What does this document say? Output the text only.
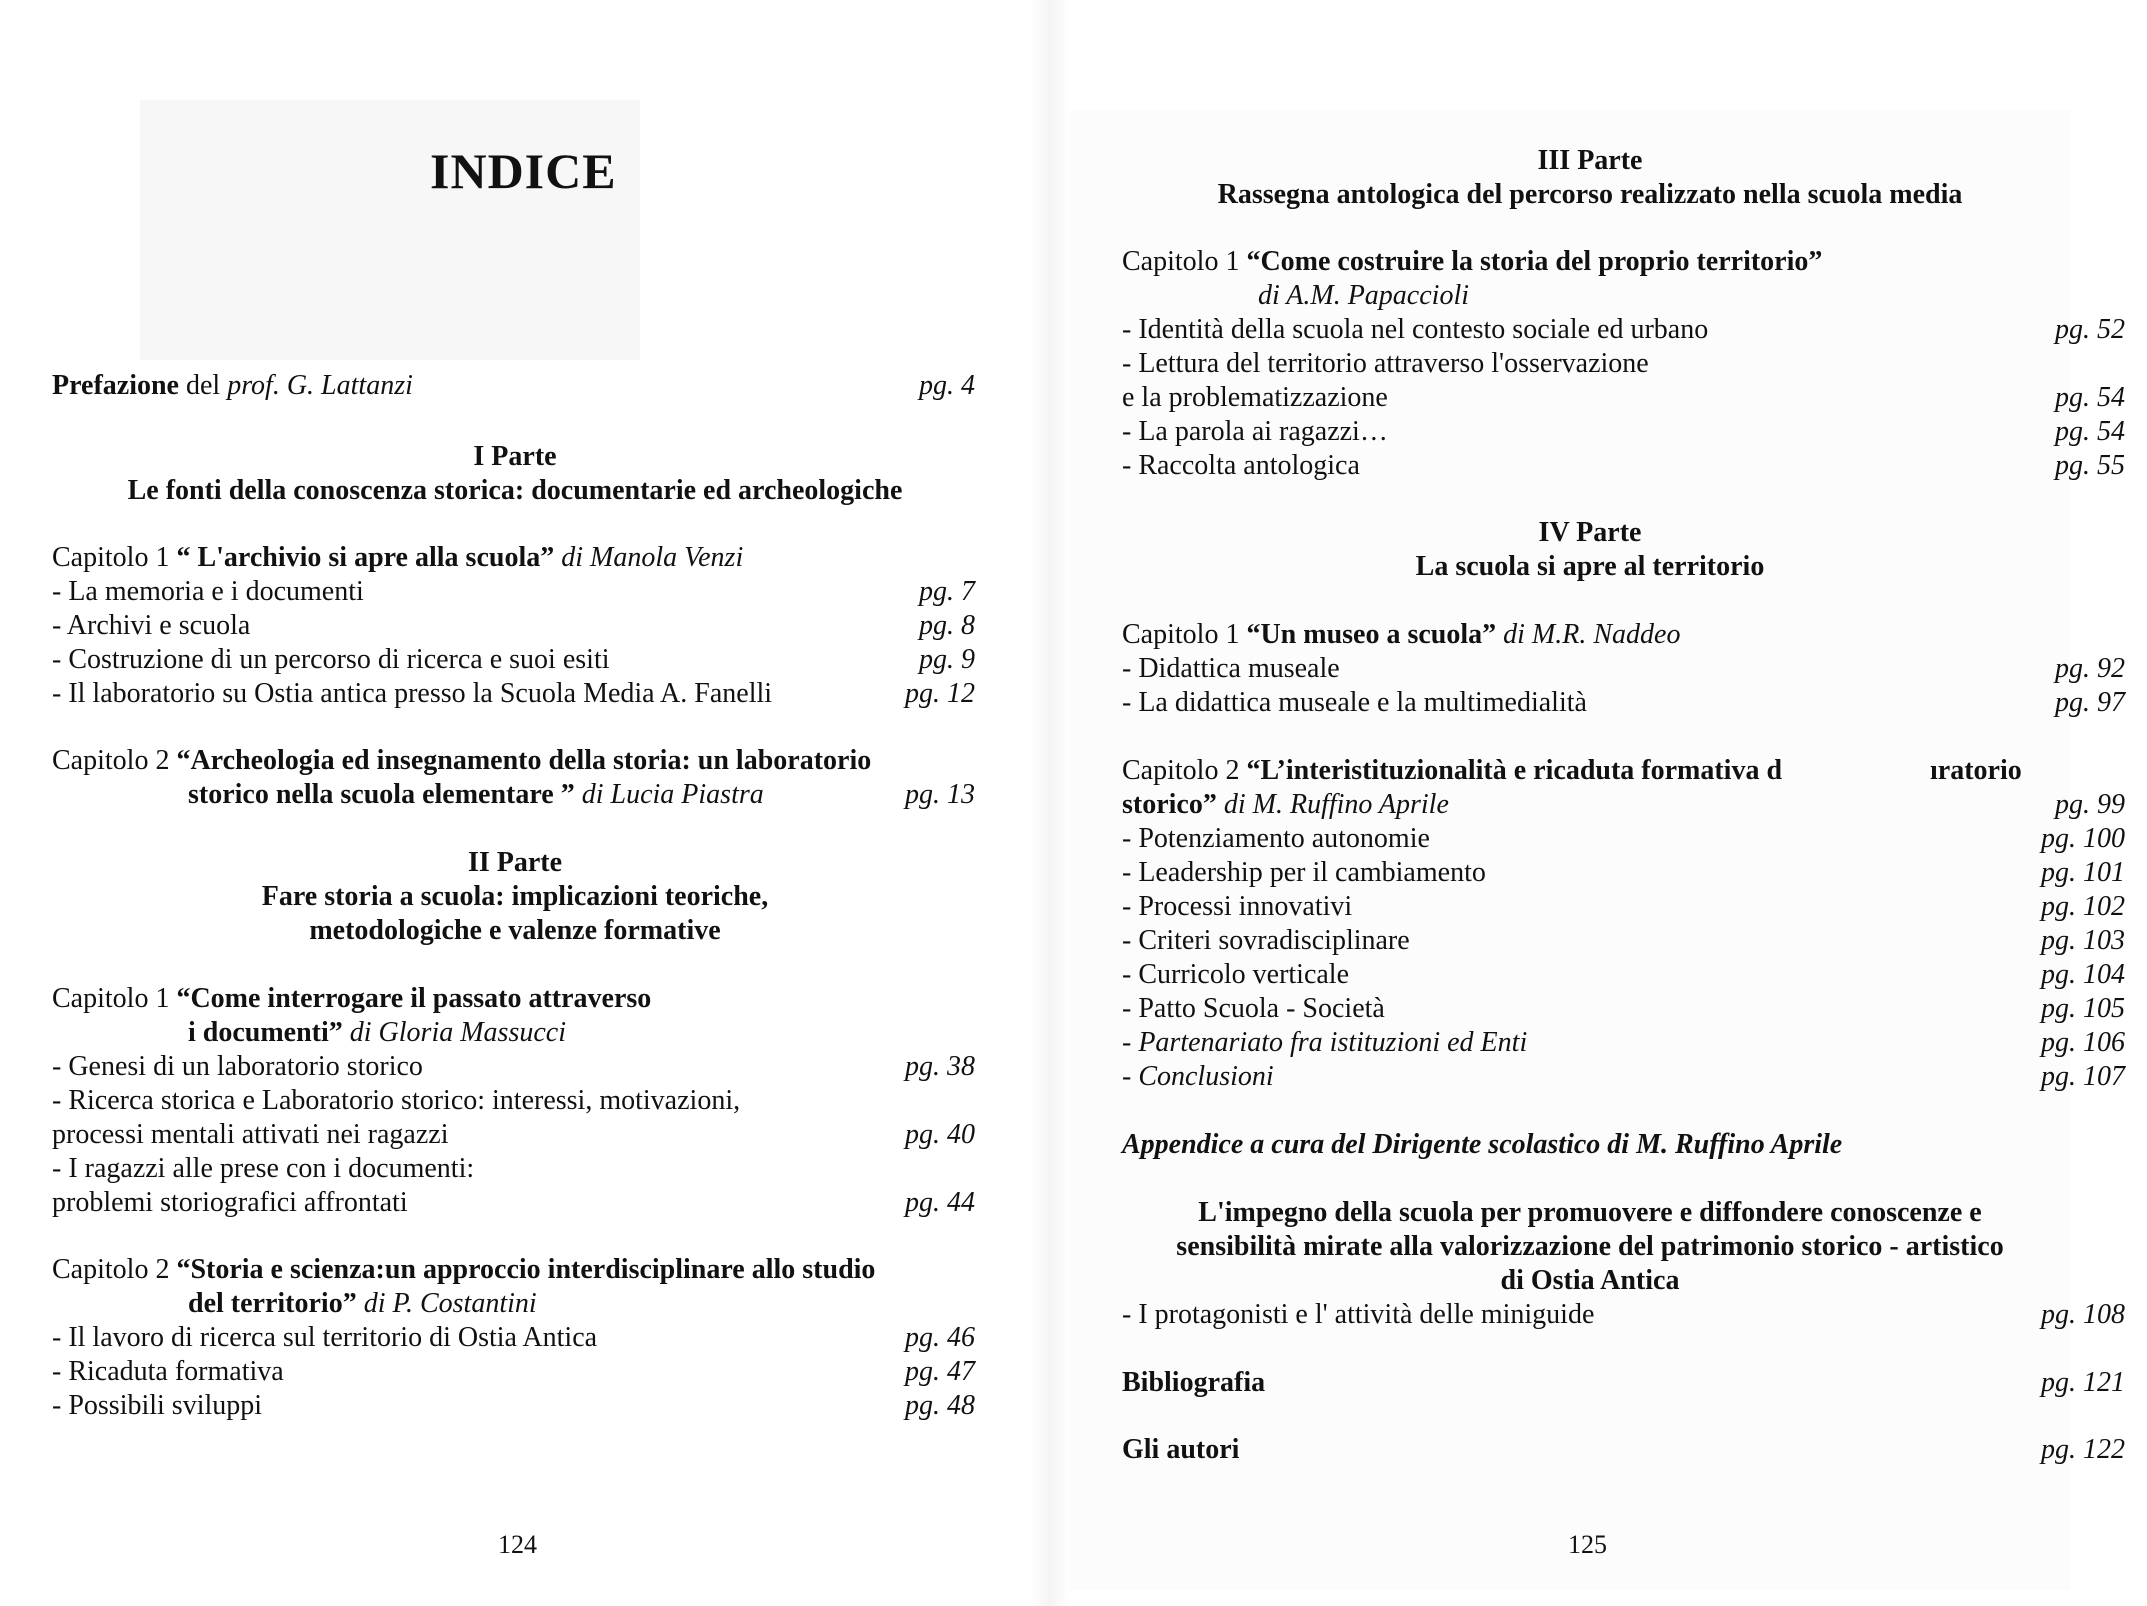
INDICE
Prefazione del prof. G. Lattanzi	pg. 4
I Parte
Le fonti della conoscenza storica: documentarie ed archeologiche
Capitolo 1 “ L'archivio si apre alla scuola” di Manola Venzi
- La memoria e i documenti	pg. 7
- Archivi e scuola	pg. 8
- Costruzione di un percorso di ricerca e suoi esiti	pg. 9
- Il laboratorio su Ostia antica presso la Scuola Media A. Fanelli	pg. 12
Capitolo 2 “Archeologia ed insegnamento della storia: un laboratorio
storico nella scuola elementare ” di Lucia Piastra	pg. 13
II Parte
Fare storia a scuola: implicazioni teoriche,
metodologiche e valenze formative
Capitolo 1 “Come interrogare il passato attraverso
i documenti” di Gloria Massucci
- Genesi di un laboratorio storico	pg. 38
- Ricerca storica e Laboratorio storico: interessi, motivazioni,
processi mentali attivati nei ragazzi	pg. 40
- I ragazzi alle prese con i documenti:
problemi storiografici affrontati	pg. 44
Capitolo 2 “Storia e scienza:un approccio interdisciplinare allo studio
del territorio” di P. Costantini
- Il lavoro di ricerca sul territorio di Ostia Antica	pg. 46
- Ricaduta formativa	pg. 47
- Possibili sviluppi	pg. 48
124
III Parte
Rassegna antologica del percorso realizzato nella scuola media
Capitolo 1 “Come costruire la storia del proprio territorio”
di A.M. Papaccioli
- Identità della scuola nel contesto sociale ed urbano	pg. 52
- Lettura del territorio attraverso l'osservazione
e la problematizzazione	pg. 54
- La parola ai ragazzi…	pg. 54
- Raccolta antologica	pg. 55
IV Parte
La scuola si apre al territorio
Capitolo 1 “Un museo a scuola” di M.R. Naddeo
- Didattica museale	pg. 92
- La didattica museale e la multimedialità	pg. 97
Capitolo 2 “L’interistituzionalità e ricaduta formativa d	ıratorio
storico” di M. Ruffino Aprile	pg. 99
- Potenziamento autonomie	pg. 100
- Leadership per il cambiamento	pg. 101
- Processi innovativi	pg. 102
- Criteri sovradisciplinare	pg. 103
- Curricolo verticale	pg. 104
- Patto Scuola - Società	pg. 105
- Partenariato fra istituzioni ed Enti	pg. 106
- Conclusioni	pg. 107
Appendice a cura del Dirigente scolastico di M. Ruffino Aprile
L'impegno della scuola per promuovere e diffondere conoscenze e
sensibilità mirate alla valorizzazione del patrimonio storico - artistico
di Ostia Antica
- I protagonisti e l' attività delle miniguide	pg. 108
Bibliografia	pg. 121
Gli autori	pg. 122
125
